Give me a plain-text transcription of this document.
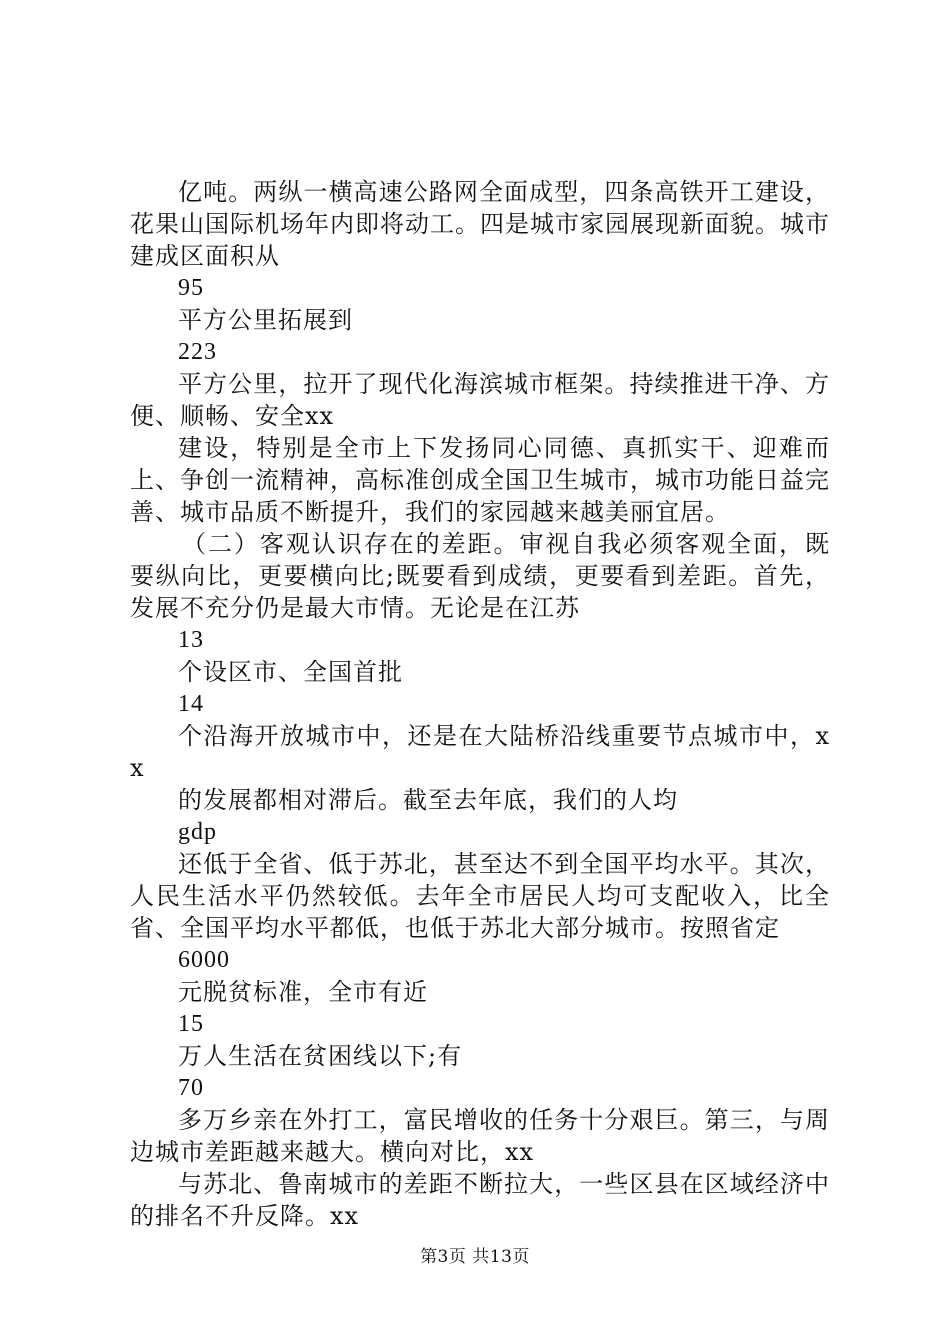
亿吨。两纵一横高速公路网全面成型，四条高铁开工建设，花果山国际机场年内即将动工。四是城市家园展现新面貌。城市建成区面积从

95

平方公里拓展到

223

平方公里，拉开了现代化海滨城市框架。持续推进干净、方便、顺畅、安全xx

建设，特别是全市上下发扬同心同德、真抓实干、迎难而上、争创一流精神，高标准创成全国卫生城市，城市功能日益完善、城市品质不断提升，我们的家园越来越美丽宜居。

（二）客观认识存在的差距。审视自我必须客观全面，既要纵向比，更要横向比;既要看到成绩，更要看到差距。首先，发展不充分仍是最大市情。无论是在江苏

13

个设区市、全国首批

14

个沿海开放城市中，还是在大陆桥沿线重要节点城市中，xx

的发展都相对滞后。截至去年底，我们的人均

gdp

还低于全省、低于苏北，甚至达不到全国平均水平。其次，人民生活水平仍然较低。去年全市居民人均可支配收入，比全省、全国平均水平都低，也低于苏北大部分城市。按照省定

6000

元脱贫标准，全市有近

15

万人生活在贫困线以下;有

70

多万乡亲在外打工，富民增收的任务十分艰巨。第三，与周边城市差距越来越大。横向对比，xx

与苏北、鲁南城市的差距不断拉大，一些区县在区域经济中的排名不升反降。xx

第3页 共13页
